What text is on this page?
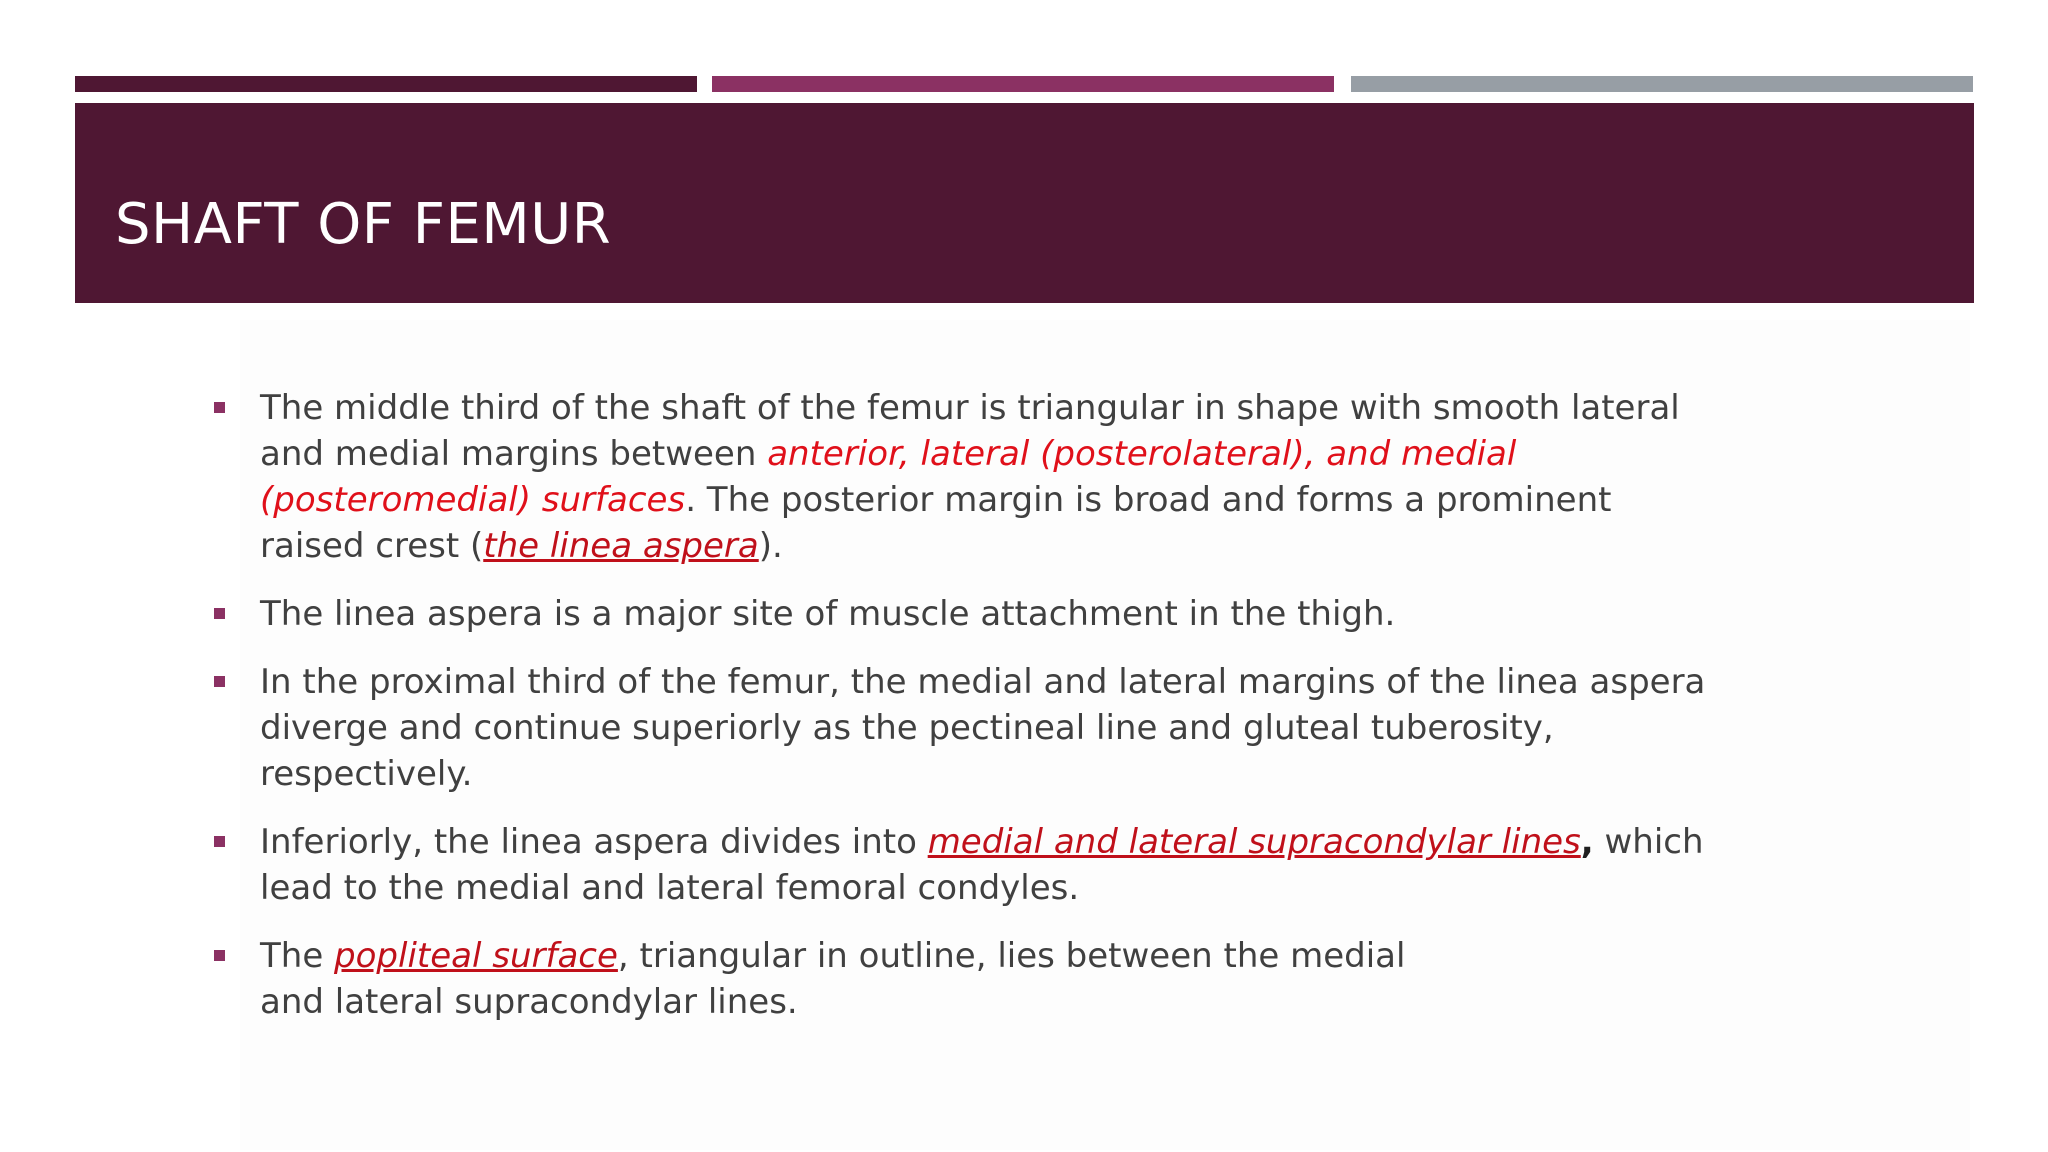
SHAFT OF FEMUR
The middle third of the shaft of the femur is triangular in shape with smooth lateral and medial margins between anterior, lateral (posterolateral), and medial (posteromedial) surfaces. The posterior margin is broad and forms a prominent raised crest (the linea aspera).
The linea aspera is a major site of muscle attachment in the thigh.
In the proximal third of the femur, the medial and lateral margins of the linea aspera diverge and continue superiorly as the pectineal line and gluteal tuberosity, respectively.
Inferiorly, the linea aspera divides into medial and lateral supracondylar lines, which lead to the medial and lateral femoral condyles.
The popliteal surface, triangular in outline, lies between the medial
and lateral supracondylar lines.
